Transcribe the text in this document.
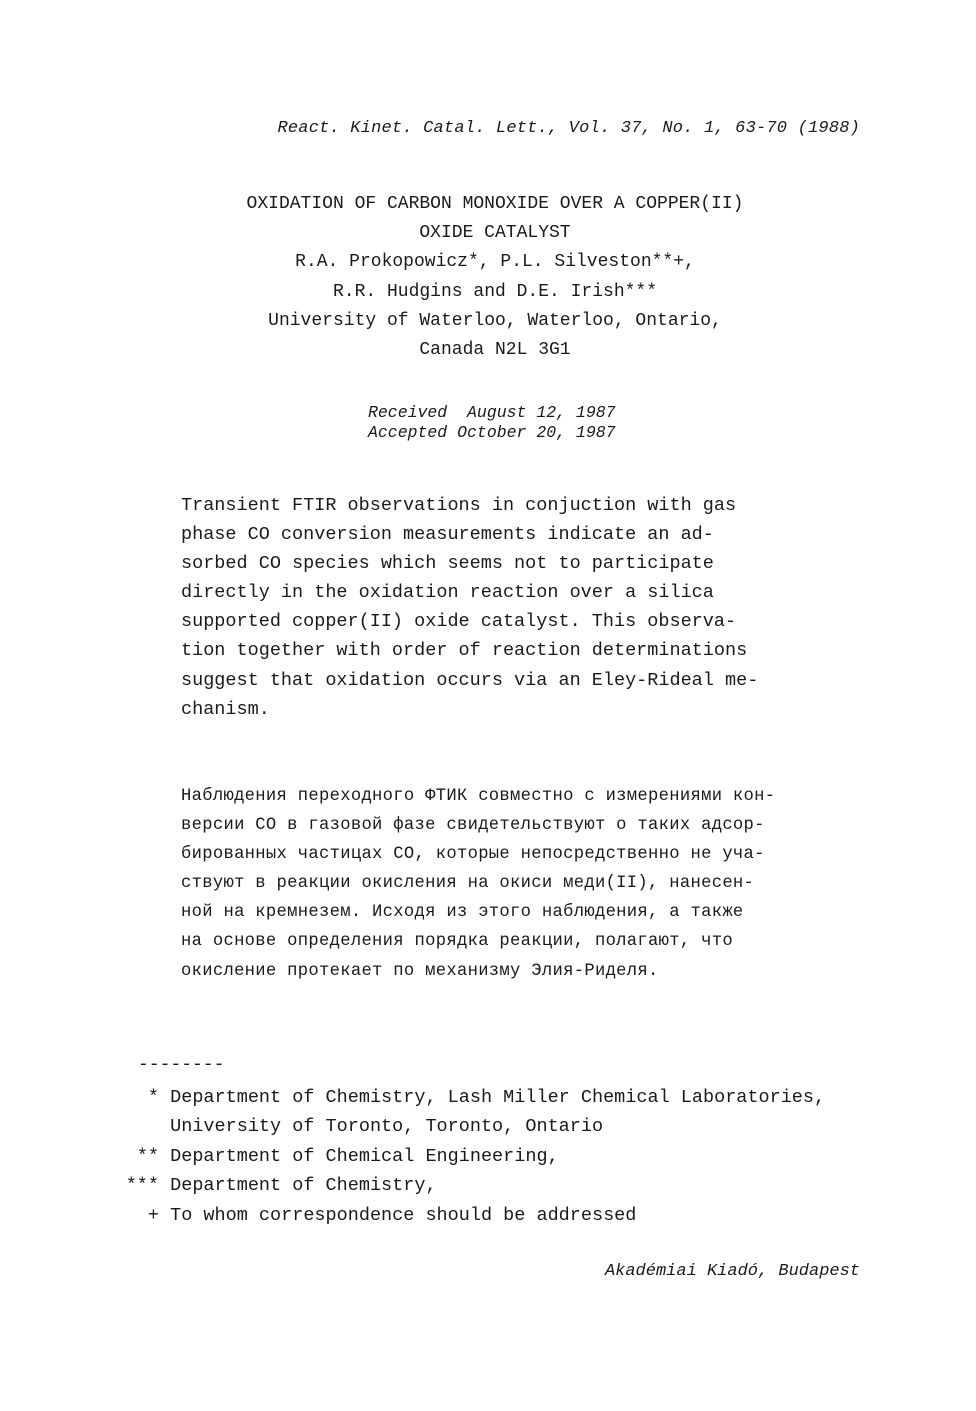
React. Kinet. Catal. Lett., Vol. 37, No. 1, 63-70 (1988)
OXIDATION OF CARBON MONOXIDE OVER A COPPER(II)
OXIDE CATALYST
R.A. Prokopowicz*, P.L. Silveston**+,
R.R. Hudgins and D.E. Irish***
University of Waterloo, Waterloo, Ontario,
Canada N2L 3G1
Received  August 12, 1987
Accepted October 20, 1987
Transient FTIR observations in conjuction with gas
phase CO conversion measurements indicate an ad-
sorbed CO species which seems not to participate
directly in the oxidation reaction over a silica
supported copper(II) oxide catalyst. This observa-
tion together with order of reaction determinations
suggest that oxidation occurs via an Eley-Rideal me-
chanism.
Наблюдения переходного ФТИК совместно с измерениями кон-
версии CO в газовой фазе свидетельствуют о таких адсор-
бированных частицах CO, которые непосредственно не уча-
ствуют в реакции окисления на окиси меди(II), нанесен-
ной на кремнезем. Исходя из этого наблюдения, а также
на основе определения порядка реакции, полагают, что
окисление протекает по механизму Элия-Риделя.
--------
* Department of Chemistry, Lash Miller Chemical Laboratories,
University of Toronto, Toronto, Ontario
** Department of Chemical Engineering,
*** Department of Chemistry,
+ To whom correspondence should be addressed
Akadémiai Kiadó, Budapest
